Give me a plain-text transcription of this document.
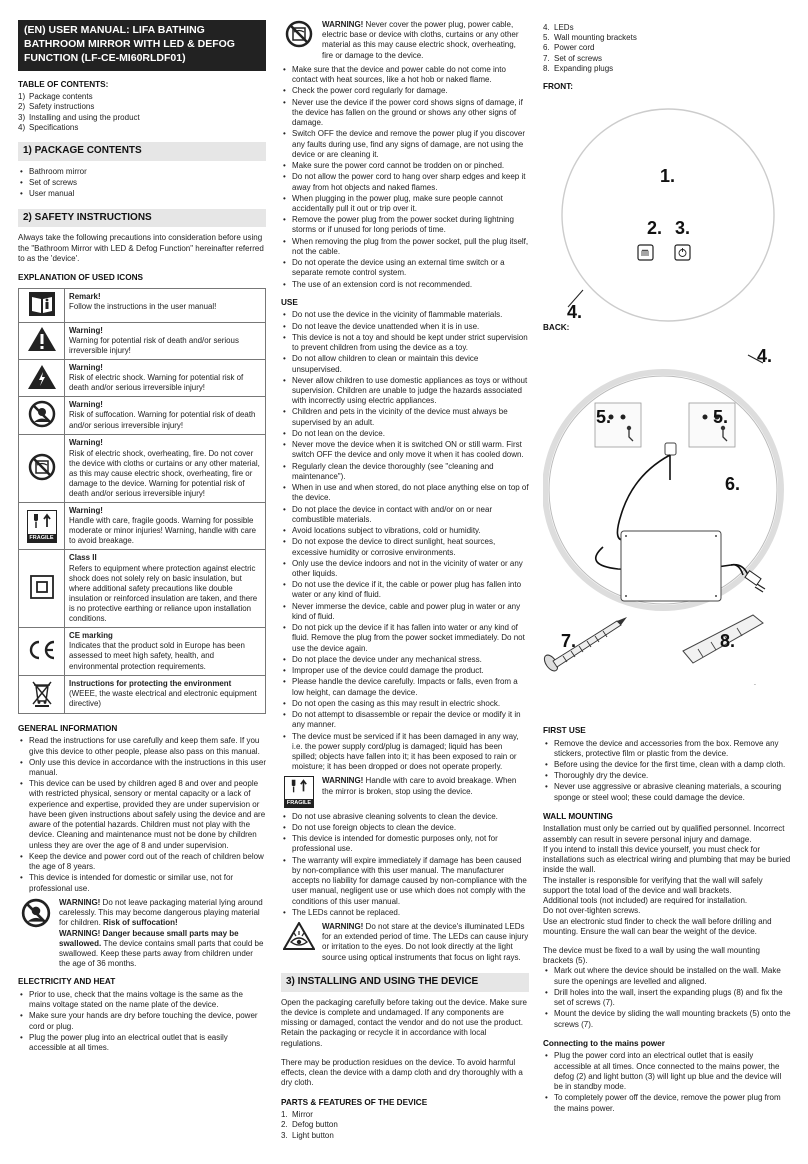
(EN) USER MANUAL: LIFA BATHING BATHROOM MIRROR WITH LED & DEFOG FUNCTION (LF-CE-MI60RLDF01)
TABLE OF CONTENTS:
1) Package contents
2) Safety instructions
3) Installing and using the product
4) Specifications
1) PACKAGE CONTENTS
• Bathroom mirror
• Set of screws
• User manual
2) SAFETY INSTRUCTIONS
Always take the following precautions into consideration before using the "Bathroom Mirror with LED & Defog Function" hereinafter referred to as the 'device'.
EXPLANATION OF USED ICONS

Remark!
Follow the instructions in the user manual!

Warning!
Warning for potential risk of death and/or serious irreversible injury!

Warning!
Risk of electric shock. Warning for potential risk of death and/or serious irreversible injury!

Warning!
Risk of suffocation. Warning for potential risk of death and/or serious irreversible injury!

Warning!
Risk of electric shock, overheating, fire. Do not cover the device with cloths or curtains or any other material, as this may cause electric shock, overheating, fire or damage to the device. Warning for potential risk of death and/or serious irreversible injury!

FRAGILE	Warning!
Handle with care, fragile goods. Warning for possible moderate or minor injuries! Warning, handle with care to avoid breakage.

Class II
Refers to equipment where protection against electric shock does not solely rely on basic insulation, but where additional safety precautions like double insulation or reinforced insulation are taken, and there is no protective earthing or reliance upon installation conditions.

CE marking
Indicates that the product sold in Europe has been assessed to meet high safety, health, and environmental protection requirements.

Instructions for protecting the environment
(WEEE, the waste electrical and electronic equipment directive)
GENERAL INFORMATION
• Read the instructions for use carefully and keep them safe. If you give this device to other people, please also pass on this manual.
• Only use this device in accordance with the instructions in this user manual.
• This device can be used by children aged 8 and over and people with restricted physical, sensory or mental capacity or a lack of experience and expertise, provided they are under supervision or have been given instructions about safely using the device and are aware of the potential hazards. Children must not play with the device. Cleaning and maintenance must not be done by children unless they are over the age of 8 and under supervision.
• Keep the device and power cord out of the reach of children below the age of 8 years.
• This device is intended for domestic or similar use, not for professional use.
WARNING! Do not leave packaging material lying around carelessly. This may become dangerous playing material for children. Risk of suffocation!
WARNING! Danger because small parts may be swallowed. The device contains small parts that could be swallowed. Keep these parts away from children under the age of 36 months.
ELECTRICITY AND HEAT
• Prior to use, check that the mains voltage is the same as the mains voltage stated on the name plate of the device.
• Make sure your hands are dry before touching the device, power cord or plug.
• Plug the power plug into an electrical outlet that is easily accessible at all times.
WARNING! Never cover the power plug, power cable, electric base or device with cloths, curtains or any other material as this may cause electric shock, overheating, fire or damage to the device.
• Make sure that the device and power cable do not come into contact with heat sources, like a hot hob or naked flame.
• Check the power cord regularly for damage.
• Never use the device if the power cord shows signs of damage, if the device has fallen on the ground or shows any other signs of damage.
• Switch OFF the device and remove the power plug if you discover any faults during use, find any signs of damage, are not using the device or are cleaning it.
• Make sure the power cord cannot be trodden on or pinched.
• Do not allow the power cord to hang over sharp edges and keep it away from hot objects and naked flames.
• When plugging in the power plug, make sure people cannot accidentally pull it out or trip over it.
• Remove the power plug from the power socket during lightning storms or if unused for long periods of time.
• When removing the plug from the power socket, pull the plug itself, not the cable.
• Do not operate the device using an external time switch or a separate remote control system.
• The use of an extension cord is not recommended.
USE
• Do not use the device in the vicinity of flammable materials.
• Do not leave the device unattended when it is in use.
• This device is not a toy and should be kept under strict supervision to prevent children from using the device as a toy.
• Do not allow children to clean or maintain this device unsupervised.
• Never allow children to use domestic appliances as toys or without supervision. Children are unable to judge the hazards associated with incorrectly using electric appliances.
• Children and pets in the vicinity of the device must always be supervised by an adult.
• Do not lean on the device.
• Never move the device when it is switched ON or still warm. First switch OFF the device and only move it when it has cooled down.
• Regularly clean the device thoroughly (see "cleaning and maintenance").
• When in use and when stored, do not place anything else on top of the device.
• Do not place the device in contact with and/or on or near combustible materials.
• Avoid locations subject to vibrations, cold or humidity.
• Do not expose the device to direct sunlight, heat sources, excessive humidity or corrosive environments.
• Only use the device indoors and not in the vicinity of water or any other liquids.
• Do not use the device if it, the cable or power plug has fallen into water or any kind of fluid.
• Never immerse the device, cable and power plug in water or any kind of fluid.
• Do not pick up the device if it has fallen into water or any kind of fluid. Remove the plug from the power socket immediately. Do not use the device again.
• Do not place the device under any mechanical stress.
• Improper use of the device could damage the product.
• Please handle the device carefully. Impacts or falls, even from a low height, can damage the device.
• Do not open the casing as this may result in electric shock.
• Do not attempt to disassemble or repair the device or modify it in any manner.
• The device must be serviced if it has been damaged in any way, i.e. the power supply cord/plug is damaged; liquid has been spilled; objects have fallen into it; it has been exposed to rain or moisture; it has been dropped or does not operate properly.
FRAGILE
WARNING! Handle with care to avoid breakage. When the mirror is broken, stop using the device.
• Do not use abrasive cleaning solvents to clean the device.
• Do not use foreign objects to clean the device.
• This device is intended for domestic purposes only, not for professional use.
• The warranty will expire immediately if damage has been caused by non-compliance with this user manual. The manufacturer accepts no liability for damage caused by non-compliance with the user manual, negligent use or use which does not comply with the conditions of this user manual.
• The LEDs cannot be replaced.
WARNING! Do not stare at the device's illuminated LEDs for an extended period of time. The LEDs can cause injury or irritation to the eyes. Do not look directly at the light source using optical instruments that focus on light rays.
3) INSTALLING AND USING THE DEVICE
Open the packaging carefully before taking out the device. Make sure the device is complete and undamaged. If any components are missing or damaged, contact the vendor and do not use the product. Retain the packaging or recycle it in accordance with local regulations.
There may be production residues on the device. To avoid harmful effects, clean the device with a damp cloth and dry thoroughly with a dry cloth.
PARTS & FEATURES OF THE DEVICE
1. Mirror
2. Defog button
3. Light button
4. LEDs
5. Wall mounting brackets
6. Power cord
7. Set of screws
8. Expanding plugs
FRONT:
1.
2. 3.
4.
BACK:
4.
5.	5.
6.
7.	8.
FIRST USE
• Remove the device and accessories from the box. Remove any stickers, protective film or plastic from the device.
• Before using the device for the first time, clean with a damp cloth.
• Thoroughly dry the device.
• Never use aggressive or abrasive cleaning materials, a scouring sponge or steel wool; these could damage the device.
WALL MOUNTING
Installation must only be carried out by qualified personnel. Incorrect assembly can result in severe personal injury and damage.
If you intend to install this device yourself, you must check for installations such as electrical wiring and plumbing that may be buried inside the wall.
The installer is responsible for verifying that the wall will safely support the total load of the device and wall brackets.
Additional tools (not included) are required for installation.
Do not over-tighten screws.
Use an electronic stud finder to check the wall before drilling and mounting. Ensure the wall can bear the weight of the device.
The device must be fixed to a wall by using the wall mounting brackets (5).
• Mark out where the device should be installed on the wall. Make sure the openings are levelled and aligned.
• Drill holes into the wall, insert the expanding plugs (8) and fix the set of screws (7).
• Mount the device by sliding the wall mounting brackets (5) onto the screws (7).
Connecting to the mains power
• Plug the power cord into an electrical outlet that is easily accessible at all times. Once connected to the mains power, the defog (2) and light button (3) will light up blue and the device will be in standby mode.
• To completely power off the device, remove the power plug from the mains power.
